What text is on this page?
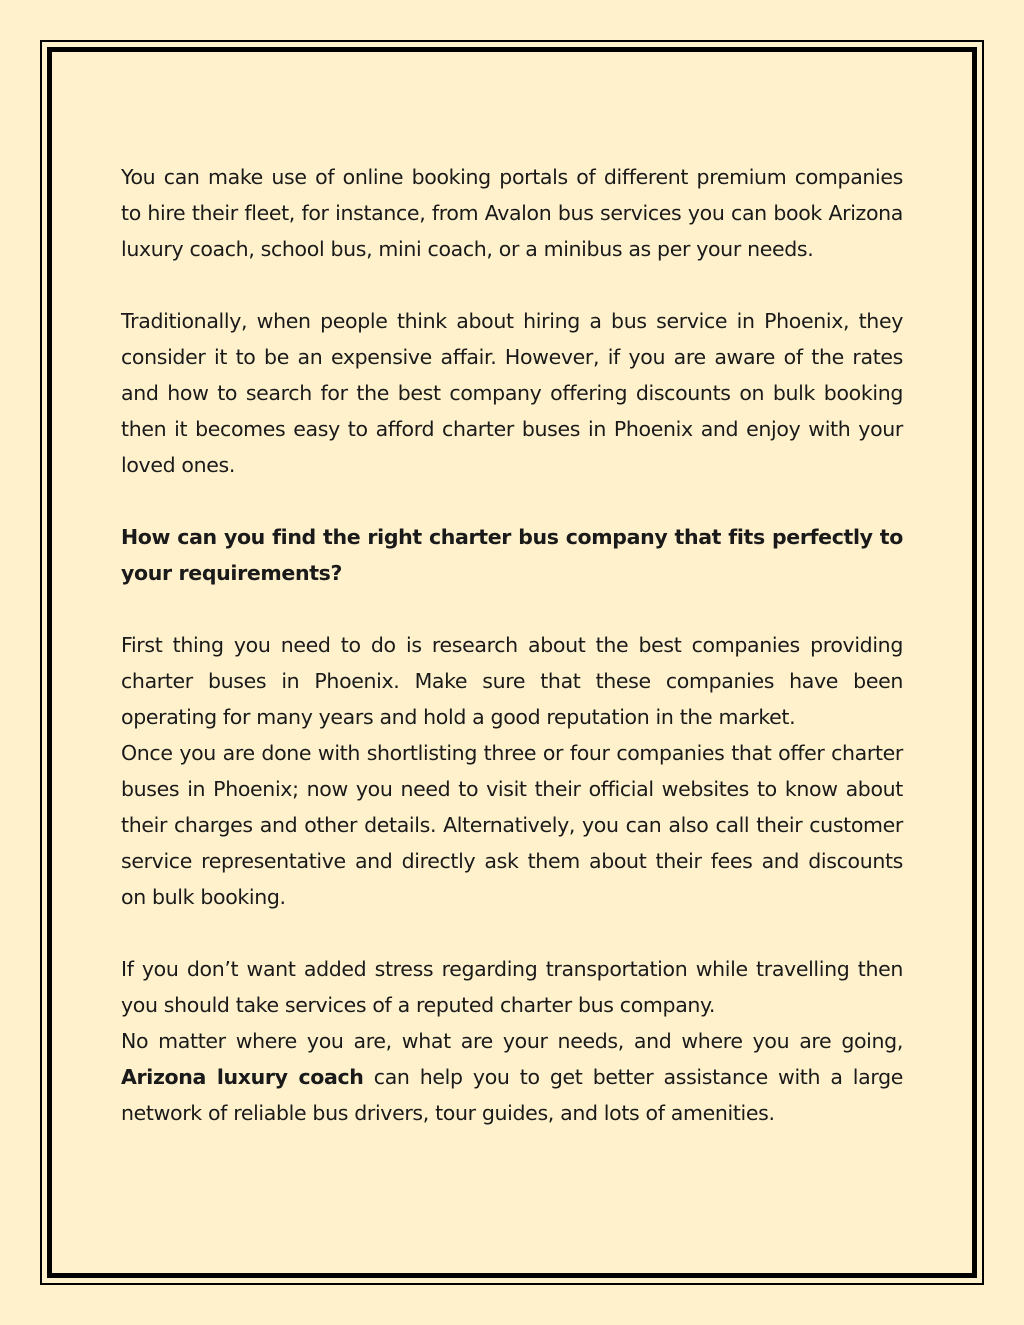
You can make use of online booking portals of different premium companies to hire their fleet, for instance, from Avalon bus services you can book Arizona luxury coach, school bus, mini coach, or a minibus as per your needs.

Traditionally, when people think about hiring a bus service in Phoenix, they consider it to be an expensive affair. However, if you are aware of the rates and how to search for the best company offering discounts on bulk booking then it becomes easy to afford charter buses in Phoenix and enjoy with your loved ones.

How can you find the right charter bus company that fits perfectly to your requirements?

First thing you need to do is research about the best companies providing charter buses in Phoenix. Make sure that these companies have been operating for many years and hold a good reputation in the market.

Once you are done with shortlisting three or four companies that offer charter buses in Phoenix; now you need to visit their official websites to know about their charges and other details. Alternatively, you can also call their customer service representative and directly ask them about their fees and discounts on bulk booking.

If you don’t want added stress regarding transportation while travelling then you should take services of a reputed charter bus company.

No matter where you are, what are your needs, and where you are going, Arizona luxury coach can help you to get better assistance with a large network of reliable bus drivers, tour guides, and lots of amenities.
